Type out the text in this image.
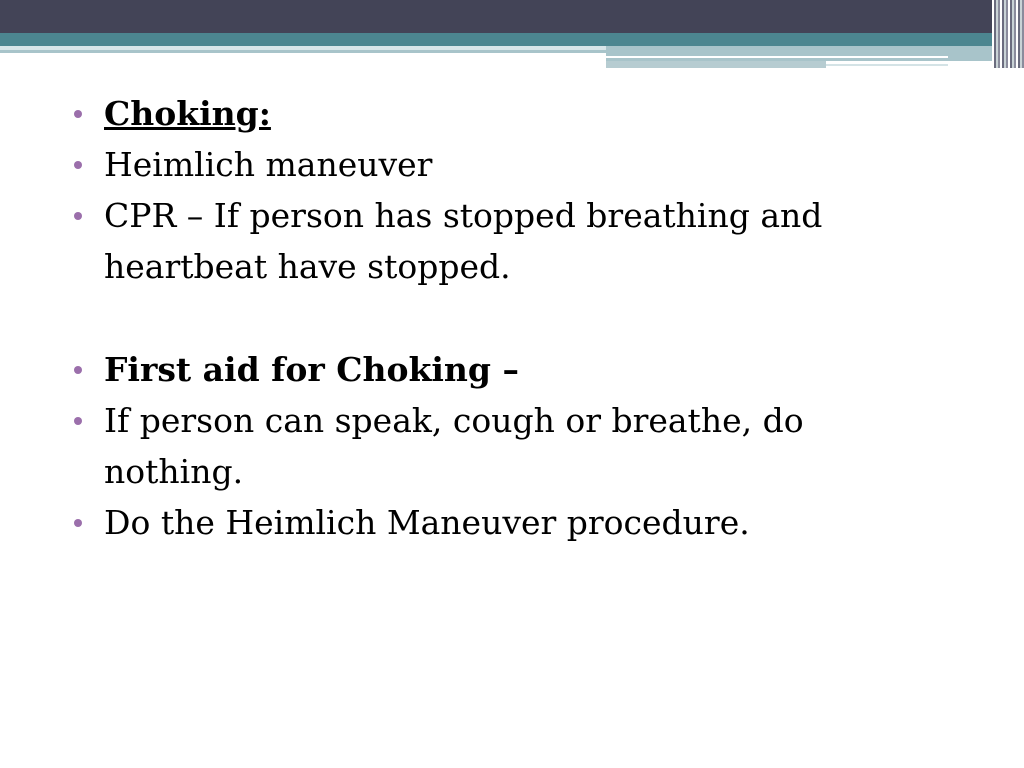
Choking:
Heimlich maneuver
CPR – If person has stopped breathing and heartbeat have stopped.
First aid for Choking –
If person can speak, cough or breathe, do nothing.
Do the Heimlich Maneuver procedure.
